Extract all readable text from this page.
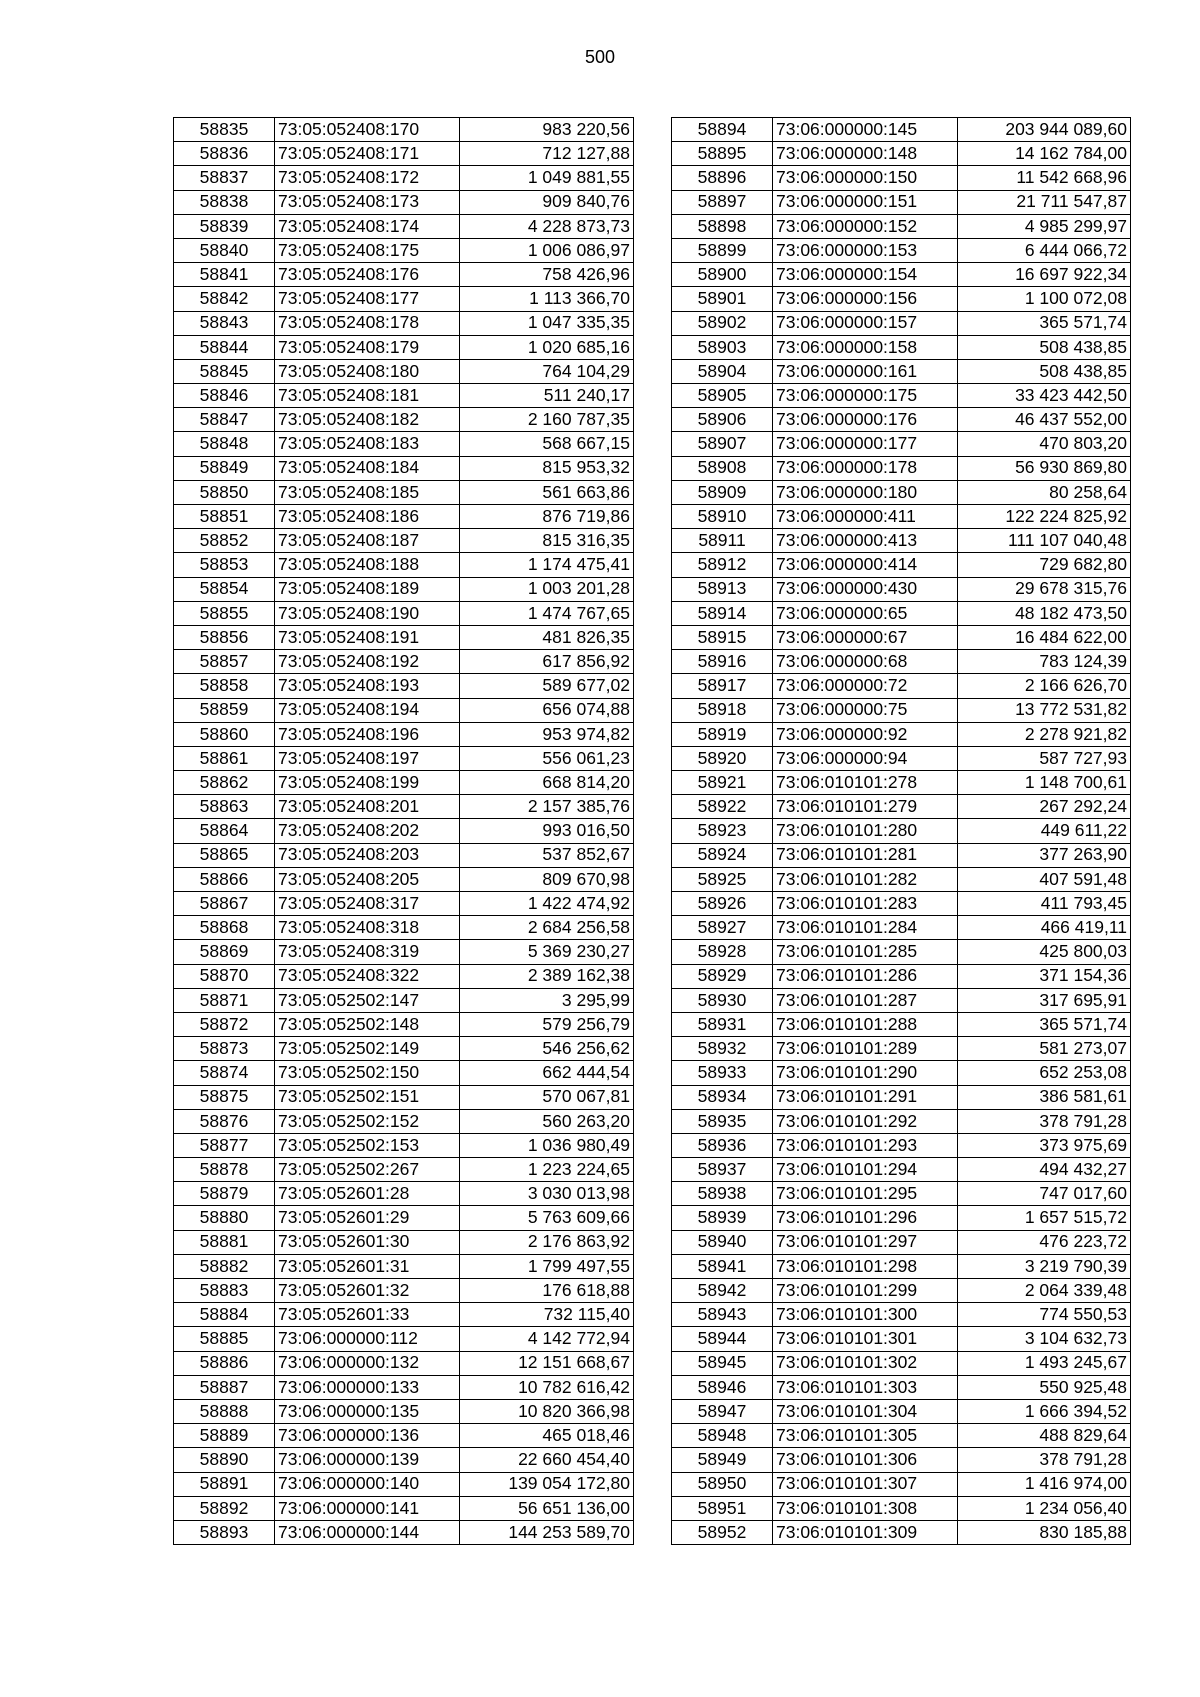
500
58835	73:05:052408:170	983 220,56
58836	73:05:052408:171	712 127,88
58837	73:05:052408:172	1 049 881,55
58838	73:05:052408:173	909 840,76
58839	73:05:052408:174	4 228 873,73
58840	73:05:052408:175	1 006 086,97
58841	73:05:052408:176	758 426,96
58842	73:05:052408:177	1 113 366,70
58843	73:05:052408:178	1 047 335,35
58844	73:05:052408:179	1 020 685,16
58845	73:05:052408:180	764 104,29
58846	73:05:052408:181	511 240,17
58847	73:05:052408:182	2 160 787,35
58848	73:05:052408:183	568 667,15
58849	73:05:052408:184	815 953,32
58850	73:05:052408:185	561 663,86
58851	73:05:052408:186	876 719,86
58852	73:05:052408:187	815 316,35
58853	73:05:052408:188	1 174 475,41
58854	73:05:052408:189	1 003 201,28
58855	73:05:052408:190	1 474 767,65
58856	73:05:052408:191	481 826,35
58857	73:05:052408:192	617 856,92
58858	73:05:052408:193	589 677,02
58859	73:05:052408:194	656 074,88
58860	73:05:052408:196	953 974,82
58861	73:05:052408:197	556 061,23
58862	73:05:052408:199	668 814,20
58863	73:05:052408:201	2 157 385,76
58864	73:05:052408:202	993 016,50
58865	73:05:052408:203	537 852,67
58866	73:05:052408:205	809 670,98
58867	73:05:052408:317	1 422 474,92
58868	73:05:052408:318	2 684 256,58
58869	73:05:052408:319	5 369 230,27
58870	73:05:052408:322	2 389 162,38
58871	73:05:052502:147	3 295,99
58872	73:05:052502:148	579 256,79
58873	73:05:052502:149	546 256,62
58874	73:05:052502:150	662 444,54
58875	73:05:052502:151	570 067,81
58876	73:05:052502:152	560 263,20
58877	73:05:052502:153	1 036 980,49
58878	73:05:052502:267	1 223 224,65
58879	73:05:052601:28	3 030 013,98
58880	73:05:052601:29	5 763 609,66
58881	73:05:052601:30	2 176 863,92
58882	73:05:052601:31	1 799 497,55
58883	73:05:052601:32	176 618,88
58884	73:05:052601:33	732 115,40
58885	73:06:000000:112	4 142 772,94
58886	73:06:000000:132	12 151 668,67
58887	73:06:000000:133	10 782 616,42
58888	73:06:000000:135	10 820 366,98
58889	73:06:000000:136	465 018,46
58890	73:06:000000:139	22 660 454,40
58891	73:06:000000:140	139 054 172,80
58892	73:06:000000:141	56 651 136,00
58893	73:06:000000:144	144 253 589,70
58894	73:06:000000:145	203 944 089,60
58895	73:06:000000:148	14 162 784,00
58896	73:06:000000:150	11 542 668,96
58897	73:06:000000:151	21 711 547,87
58898	73:06:000000:152	4 985 299,97
58899	73:06:000000:153	6 444 066,72
58900	73:06:000000:154	16 697 922,34
58901	73:06:000000:156	1 100 072,08
58902	73:06:000000:157	365 571,74
58903	73:06:000000:158	508 438,85
58904	73:06:000000:161	508 438,85
58905	73:06:000000:175	33 423 442,50
58906	73:06:000000:176	46 437 552,00
58907	73:06:000000:177	470 803,20
58908	73:06:000000:178	56 930 869,80
58909	73:06:000000:180	80 258,64
58910	73:06:000000:411	122 224 825,92
58911	73:06:000000:413	111 107 040,48
58912	73:06:000000:414	729 682,80
58913	73:06:000000:430	29 678 315,76
58914	73:06:000000:65	48 182 473,50
58915	73:06:000000:67	16 484 622,00
58916	73:06:000000:68	783 124,39
58917	73:06:000000:72	2 166 626,70
58918	73:06:000000:75	13 772 531,82
58919	73:06:000000:92	2 278 921,82
58920	73:06:000000:94	587 727,93
58921	73:06:010101:278	1 148 700,61
58922	73:06:010101:279	267 292,24
58923	73:06:010101:280	449 611,22
58924	73:06:010101:281	377 263,90
58925	73:06:010101:282	407 591,48
58926	73:06:010101:283	411 793,45
58927	73:06:010101:284	466 419,11
58928	73:06:010101:285	425 800,03
58929	73:06:010101:286	371 154,36
58930	73:06:010101:287	317 695,91
58931	73:06:010101:288	365 571,74
58932	73:06:010101:289	581 273,07
58933	73:06:010101:290	652 253,08
58934	73:06:010101:291	386 581,61
58935	73:06:010101:292	378 791,28
58936	73:06:010101:293	373 975,69
58937	73:06:010101:294	494 432,27
58938	73:06:010101:295	747 017,60
58939	73:06:010101:296	1 657 515,72
58940	73:06:010101:297	476 223,72
58941	73:06:010101:298	3 219 790,39
58942	73:06:010101:299	2 064 339,48
58943	73:06:010101:300	774 550,53
58944	73:06:010101:301	3 104 632,73
58945	73:06:010101:302	1 493 245,67
58946	73:06:010101:303	550 925,48
58947	73:06:010101:304	1 666 394,52
58948	73:06:010101:305	488 829,64
58949	73:06:010101:306	378 791,28
58950	73:06:010101:307	1 416 974,00
58951	73:06:010101:308	1 234 056,40
58952	73:06:010101:309	830 185,88
